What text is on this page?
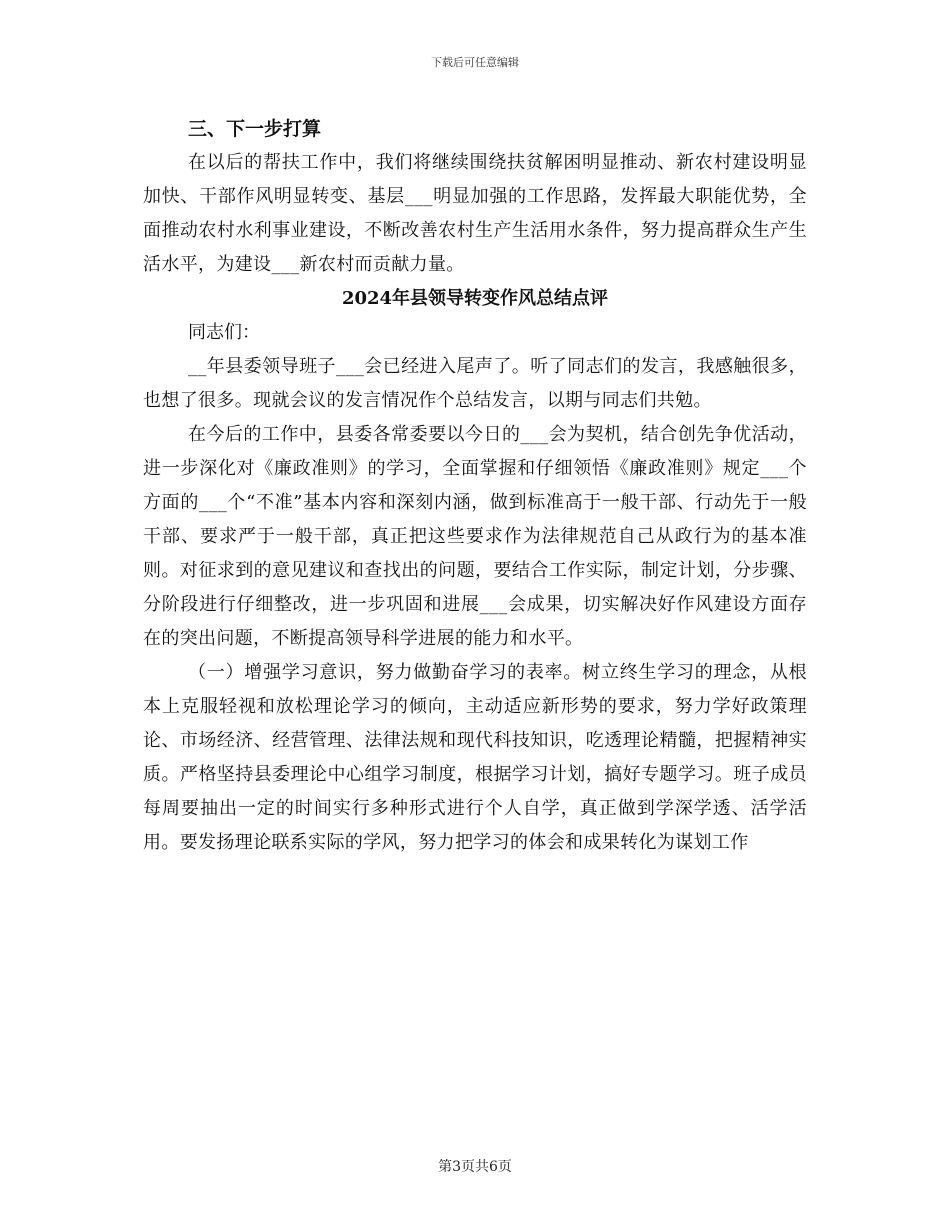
下载后可任意编辑

三、下一步打算

在以后的帮扶工作中，我们将继续围绕扶贫解困明显推动、新农村建设明显加快、干部作风明显转变、基层___明显加强的工作思路，发挥最大职能优势，全面推动农村水利事业建设，不断改善农村生产生活用水条件，努力提高群众生产生活水平，为建设___新农村而贡献力量。

2024年县领导转变作风总结点评

同志们：

__年县委领导班子___会已经进入尾声了。听了同志们的发言，我感触很多，也想了很多。现就会议的发言情况作个总结发言，以期与同志们共勉。

在今后的工作中，县委各常委要以今日的___会为契机，结合创先争优活动，进一步深化对《廉政准则》的学习，全面掌握和仔细领悟《廉政准则》规定___个方面的___个“不准”基本内容和深刻内涵，做到标准高于一般干部、行动先于一般干部、要求严于一般干部，真正把这些要求作为法律规范自己从政行为的基本准则。对征求到的意见建议和查找出的问题，要结合工作实际，制定计划，分步骤、分阶段进行仔细整改，进一步巩固和进展___会成果，切实解决好作风建设方面存在的突出问题，不断提高领导科学进展的能力和水平。

（一）增强学习意识，努力做勤奋学习的表率。树立终生学习的理念，从根本上克服轻视和放松理论学习的倾向，主动适应新形势的要求，努力学好政策理论、市场经济、经营管理、法律法规和现代科技知识，吃透理论精髓，把握精神实质。严格坚持县委理论中心组学习制度，根据学习计划，搞好专题学习。班子成员每周要抽出一定的时间实行多种形式进行个人自学，真正做到学深学透、活学活用。要发扬理论联系实际的学风，努力把学习的体会和成果转化为谋划工作

第3页共6页
